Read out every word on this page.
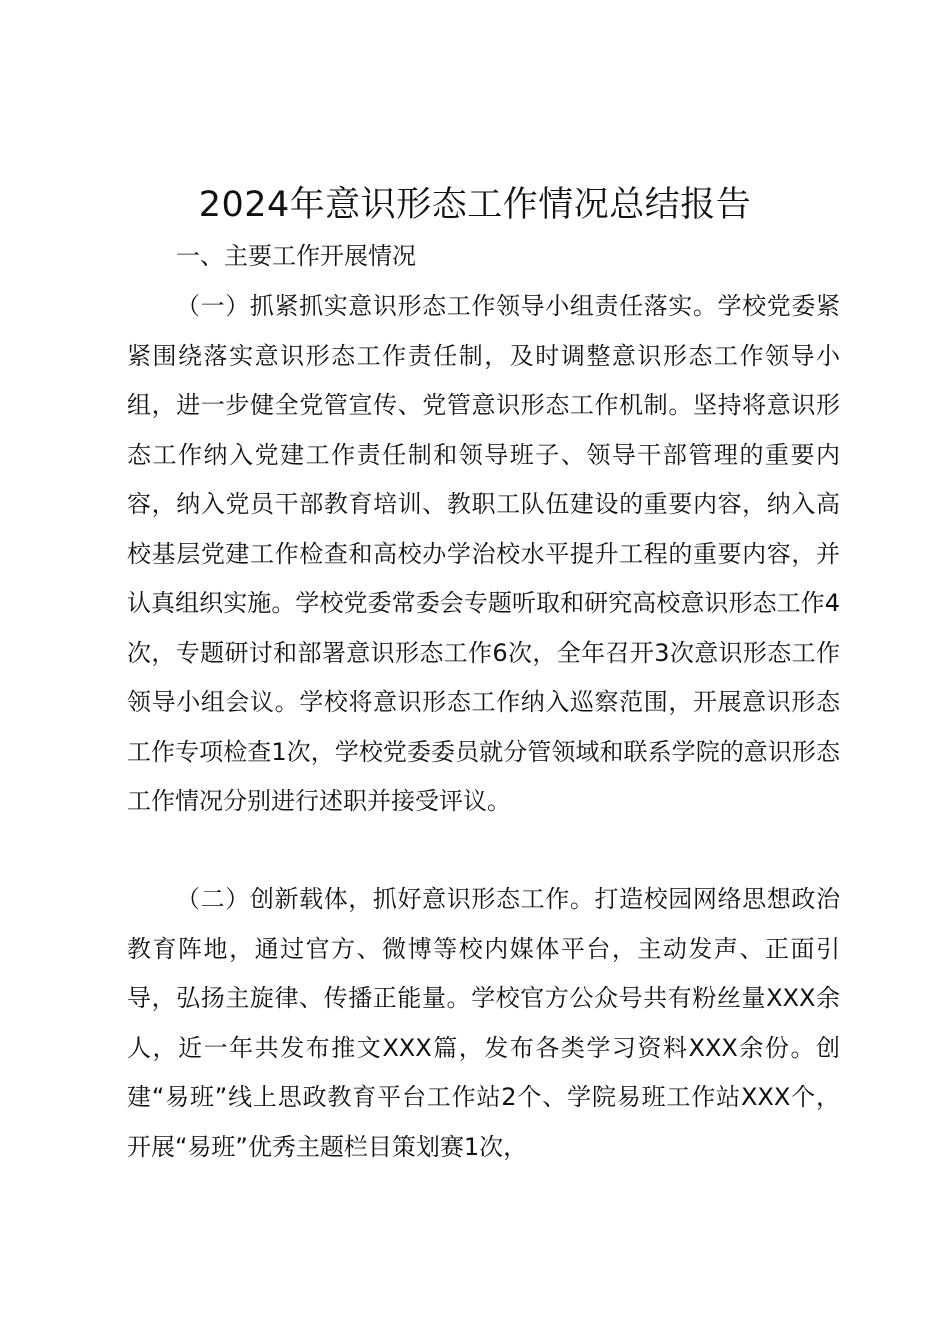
2024年意识形态工作情况总结报告

一、主要工作开展情况

（一）抓紧抓实意识形态工作领导小组责任落实。学校党委紧紧围绕落实意识形态工作责任制，及时调整意识形态工作领导小组，进一步健全党管宣传、党管意识形态工作机制。坚持将意识形态工作纳入党建工作责任制和领导班子、领导干部管理的重要内容，纳入党员干部教育培训、教职工队伍建设的重要内容，纳入高校基层党建工作检查和高校办学治校水平提升工程的重要内容，并认真组织实施。学校党委常委会专题听取和研究高校意识形态工作4次，专题研讨和部署意识形态工作6次，全年召开3次意识形态工作领导小组会议。学校将意识形态工作纳入巡察范围，开展意识形态工作专项检查1次，学校党委委员就分管领域和联系学院的意识形态工作情况分别进行述职并接受评议。

（二）创新载体，抓好意识形态工作。打造校园网络思想政治教育阵地，通过官方、微博等校内媒体平台，主动发声、正面引导，弘扬主旋律、传播正能量。学校官方公众号共有粉丝量XXX余人，近一年共发布推文XXX篇，发布各类学习资料XXX余份。创建“易班”线上思政教育平台工作站2个、学院易班工作站XXX个，开展“易班”优秀主题栏目策划赛1次，
